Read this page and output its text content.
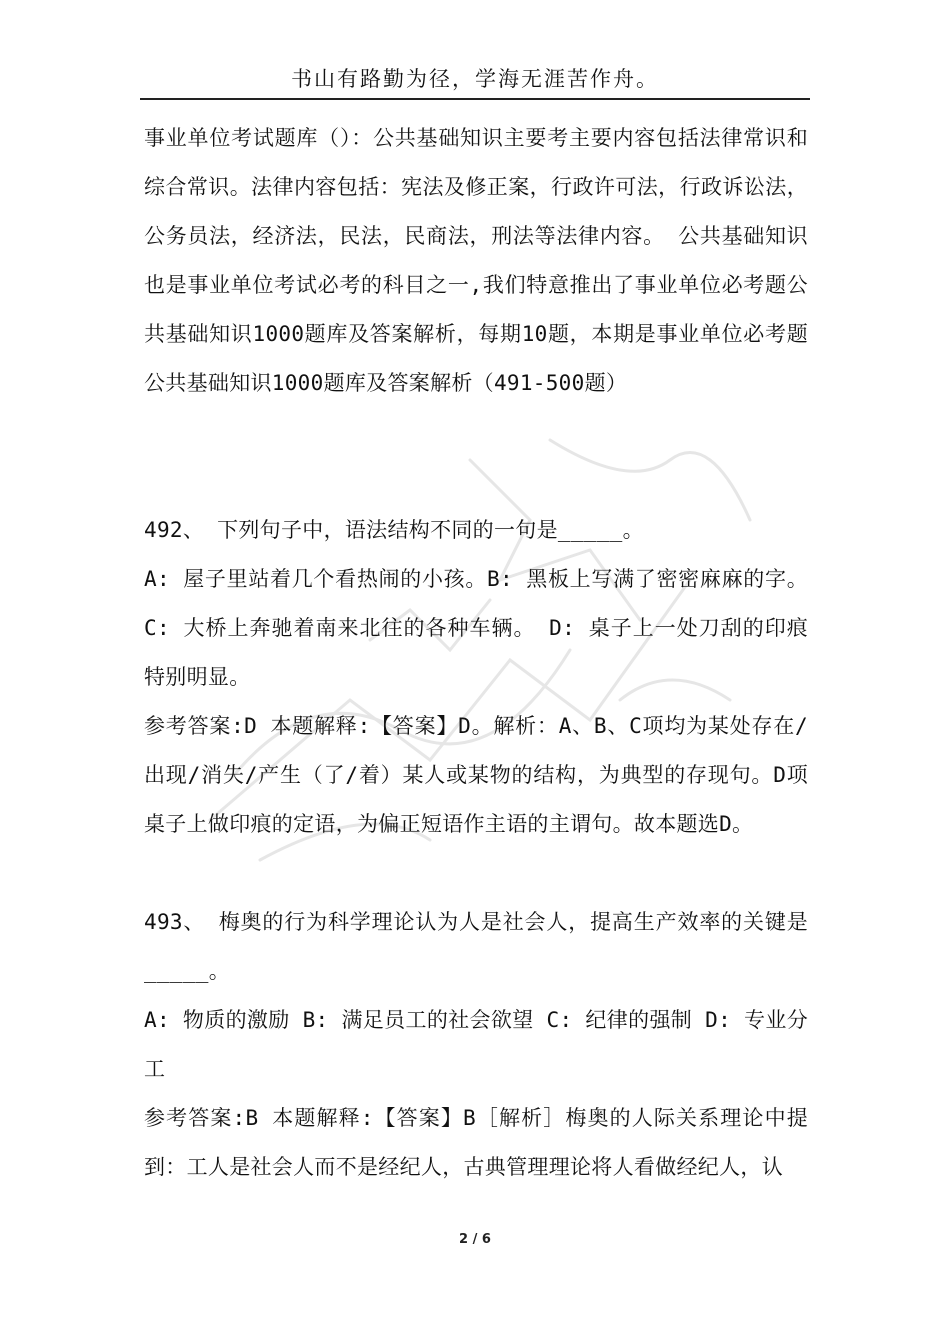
书山有路勤为径，学海无涯苦作舟。

事业单位考试题库（）：公共基础知识主要考主要内容包括法律常识和综合常识。法律内容包括：宪法及修正案，行政许可法，行政诉讼法，公务员法，经济法，民法，民商法，刑法等法律内容。 公共基础知识也是事业单位考试必考的科目之一,我们特意推出了事业单位必考题公共基础知识1000题库及答案解析，每期10题，本期是事业单位必考题公共基础知识1000题库及答案解析（491-500题）

492、 下列句子中，语法结构不同的一句是_____。

A: 屋子里站着几个看热闹的小孩。B: 黑板上写满了密密麻麻的字。C: 大桥上奔驰着南来北往的各种车辆。 D: 桌子上一处刀刮的印痕特别明显。

参考答案:D 本题解释:【答案】D。解析：A、B、C项均为某处存在/出现/消失/产生（了/着）某人或某物的结构，为典型的存现句。D项桌子上做印痕的定语，为偏正短语作主语的主谓句。故本题选D。

493、 梅奥的行为科学理论认为人是社会人，提高生产效率的关键是_____。

A: 物质的激励 B: 满足员工的社会欲望 C: 纪律的强制 D: 专业分工

参考答案:B 本题解释:【答案】B［解析］梅奥的人际关系理论中提到：工人是社会人而不是经纪人，古典管理理论将人看做经纪人，认

2 / 6
